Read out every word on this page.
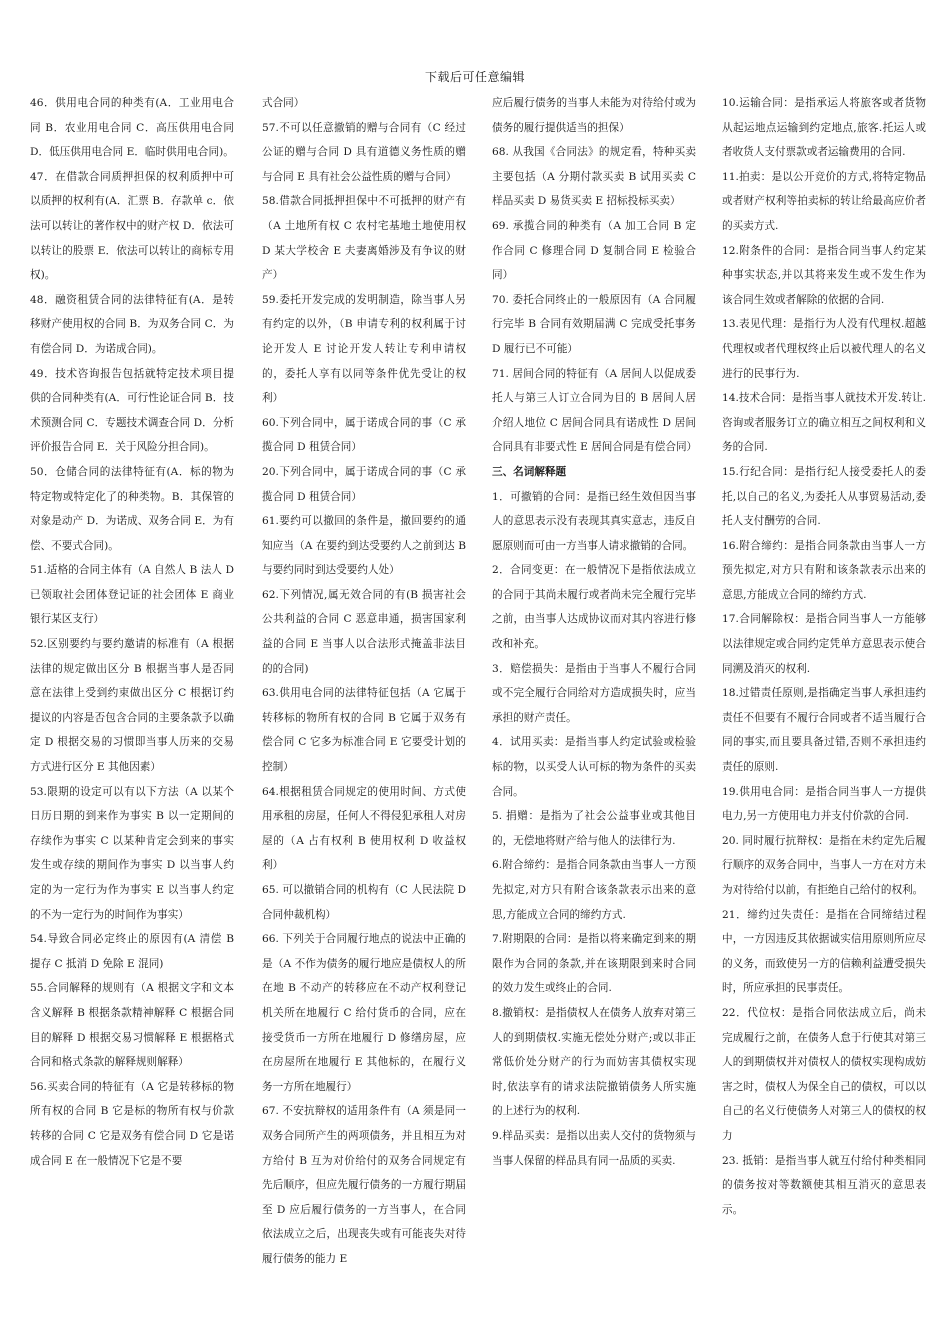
下载后可任意编辑

46．供用电合同的种类有(A．工业用电合同 B．农业用电合同 C．高压供用电合同 D．低压供用电合同 E．临时供用电合同)。

47．在借款合同质押担保的权利质押中可以质押的权利有(A．汇票 B．存款单 c．依法可以转让的著作权中的财产权 D．依法可以转让的股票 E．依法可以转让的商标专用权)。

48．融资租赁合同的法律特征有(A．是转移财产使用权的合同 B．为双务合同 C．为有偿合同 D．为诺成合同)。

49．技术咨询报告包括就特定技术项目提供的合同种类有(A．可行性论证合同 B．技术预测合同 C．专题技术调查合同 D．分析评价报告合同 E．关于风险分担合同)。

50．仓储合同的法律特征有(A．标的物为特定物或特定化了的种类物。B．其保管的对象是动产 D．为诺成、双务合同 E．为有偿、不要式合同)。

51.适格的合同主体有（A 自然人 B 法人 D 已领取社会团体登记证的社会团体 E 商业银行某区支行）

52.区别要约与要约邀请的标准有（A 根据法律的规定做出区分 B 根据当事人是否同意在法律上受到约束做出区分 C 根据订约提议的内容是否包含合同的主要条款予以确定 D 根据交易的习惯即当事人历来的交易方式进行区分 E 其他因素）

53.限期的设定可以有以下方法（A 以某个日历日期的到来作为事实 B 以一定期间的存续作为事实 C 以某种肯定会到来的事实发生或存续的期间作为事实 D 以当事人约定的为一定行为作为事实 E 以当事人约定的不为一定行为的时间作为事实）

54.导致合同必定终止的原因有(A 清偿 B 提存 C 抵消 D 免除 E 混同)

55.合同解释的规则有（A 根据文字和文本含义解释 B 根据条款精神解释 C 根据合同目的解释 D 根据交易习惯解释 E 根据格式合同和格式条款的解释规则解释）

56.买卖合同的特征有（A 它是转移标的物所有权的合同 B 它是标的物所有权与价款转移的合同 C 它是双务有偿合同 D 它是诺成合同 E 在一般情况下它是不要

式合同）

57.不可以任意撤销的赠与合同有（C 经过公证的赠与合同 D 具有道德义务性质的赠与合同 E 具有社会公益性质的赠与合同）

58.借款合同抵押担保中不可抵押的财产有（A 土地所有权 C 农村宅基地土地使用权 D 某大学校舍 E 夫妻离婚涉及有争议的财产）

59.委托开发完成的发明制造，除当事人另有约定的以外，（B 申请专利的权利属于讨论开发人 E 讨论开发人转让专利申请权的，委托人享有以同等条件优先受让的权利）

60.下列合同中，属于诺成合同的事（C 承揽合同 D 租赁合同）

20.下列合同中，属于诺成合同的事（C 承揽合同 D 租赁合同）

61.要约可以撤回的条件是，撤回要约的通知应当（A 在要约到达受要约人之前到达 B 与要约同时到达受要约人处）

62.下列情况,属无效合同的有(B 损害社会公共利益的合同 C 恶意串通，损害国家利益的合同 E 当事人以合法形式掩盖非法目的的合同)

63.供用电合同的法律特征包括（A 它属于转移标的物所有权的合同 B 它属于双务有偿合同 C 它多为标准合同 E 它要受计划的控制）

64.根据租赁合同规定的使用时间、方式使用承租的房屋，任何人不得侵犯承租人对房屋的（A 占有权利 B 使用权利 D 收益权利）

65. 可以撤销合同的机构有（C 人民法院 D 合同仲裁机构）

66. 下列关于合同履行地点的说法中正确的是（A 不作为债务的履行地应是债权人的所在地 B 不动产的转移应在不动产权利登记机关所在地履行 C 给付货币的合同，应在接受货币一方所在地履行 D 修缮房屋，应在房屋所在地履行 E 其他标的，在履行义务一方所在地履行）

67. 不安抗辩权的适用条件有（A 须是同一双务合同所产生的两项债务，并且相互为对方给付 B 互为对价给付的双务合同规定有先后顺序，但应先履行债务的一方履行期届至 D 应后履行债务的一方当事人，在合同依法成立之后，出现丧失或有可能丧失对待履行债务的能力 E

应后履行债务的当事人未能为对待给付或为债务的履行提供适当的担保）

68. 从我国《合同法》的规定看，特种买卖主要包括（A 分期付款买卖 B 试用买卖 C 样品买卖 D 易货买卖 E 招标投标买卖）

69. 承揽合同的种类有（A 加工合同 B 定作合同 C 修理合同 D 复制合同 E 检验合同）

70. 委托合同终止的一般原因有（A 合同履行完毕 B 合同有效期届满 C 完成受托事务 D 履行已不可能）

71. 居间合同的特征有（A 居间人以促成委托人与第三人订立合同为目的 B 居间人居介绍人地位 C 居间合同具有诺成性 D 居间合同具有非要式性 E 居间合同是有偿合同）

三、名词解释题

1．可撤销的合同：是指已经生效但因当事人的意思表示没有表现其真实意志，违反自愿原则而可由一方当事人请求撤销的合同。

2．合同变更：在一般情况下是指依法成立的合同于其尚未履行或者尚未完全履行完毕之前，由当事人达成协议而对其内容进行修改和补充。

3．赔偿损失：是指由于当事人不履行合同或不完全履行合同给对方造成损失时，应当承担的财产责任。

4．试用买卖：是指当事人约定试验或检验标的物，以买受人认可标的物为条件的买卖合同。

5. 捐赠：是指为了社会公益事业或其他目的，无偿地将财产给与他人的法律行为.

6.附合缔约：是指合同条款由当事人一方预先拟定,对方只有附合该条款表示出来的意思,方能成立合同的缔约方式.

7.附期限的合同：是指以将来确定到来的期限作为合同的条款,并在该期限到来时合同的效力发生或终止的合同.

8.撤销权：是指债权人在债务人放弃对第三人的到期债权.实施无偿处分财产;或以非正常低价处分财产的行为而妨害其债权实现时,依法享有的请求法院撤销债务人所实施的上述行为的权利.

9.样品买卖：是指以出卖人交付的货物须与当事人保留的样品具有同一品质的买卖.

10.运输合同：是指承运人将旅客或者货物从起运地点运输到约定地点,旅客.托运人或者收货人支付票款或者运输费用的合同.

11.拍卖：是以公开竞价的方式,将特定物品或者财产权利等拍卖标的转让给最高应价者的买卖方式.

12.附条件的合同：是指合同当事人约定某种事实状态,并以其将来发生或不发生作为该合同生效或者解除的依据的合同.

13.表见代理：是指行为人没有代理权.超越代理权或者代理权终止后以被代理人的名义进行的民事行为.

14.技术合同：是指当事人就技术开发.转让.咨询或者服务订立的确立相互之间权利和义务的合同.

15.行纪合同：是指行纪人接受委托人的委托,以自己的名义,为委托人从事贸易活动,委托人支付酬劳的合同.

16.附合缔约：是指合同条款由当事人一方预先拟定,对方只有附和该条款表示出来的意思,方能成立合同的缔约方式.

17.合同解除权：是指合同当事人一方能够以法律规定或合同约定凭单方意思表示使合同溯及消灭的权利.

18.过错责任原则,是指确定当事人承担违约责任不但要有不履行合同或者不适当履行合同的事实,而且要具备过错,否则不承担违约责任的原则.

19.供用电合同：是指合同当事人一方提供电力,另一方使用电力并支付价款的合同.

20. 同时履行抗辩权：是指在未约定先后履行顺序的双务合同中，当事人一方在对方未为对待给付以前，有拒绝自己给付的权利。

21．缔约过失责任：是指在合同缔结过程中，一方因违反其依据诚实信用原则所应尽的义务，而致使另一方的信赖利益遭受损失时，所应承担的民事责任。

22．代位权：是指合同依法成立后，尚未完成履行之前，在债务人怠于行使其对第三人的到期债权并对债权人的债权实现构成妨害之时，债权人为保全自己的债权，可以以自己的名义行使债务人对第三人的债权的权力

23. 抵销：是指当事人就互付给付种类相同的债务按对等数额使其相互消灭的意思表示。
